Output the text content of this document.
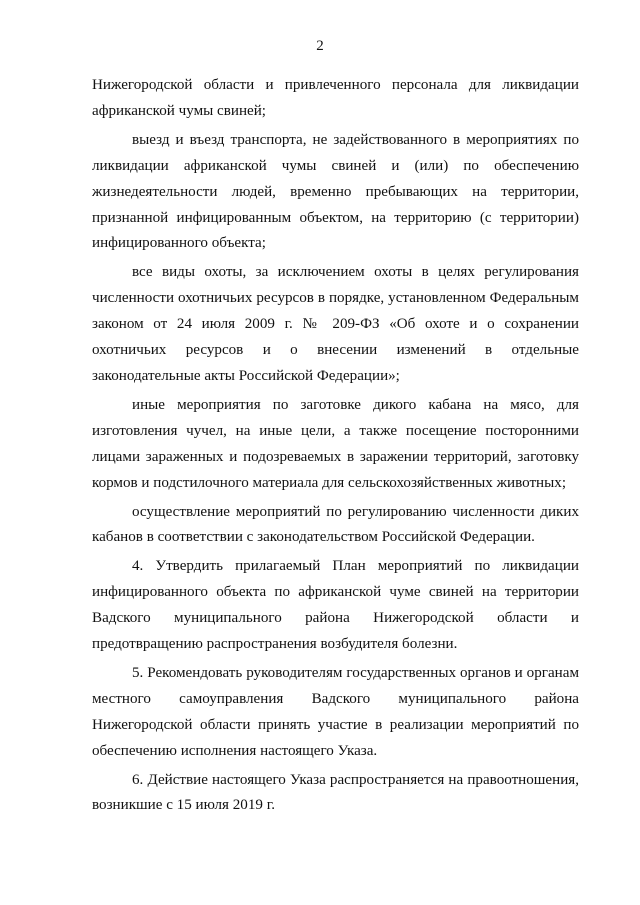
2

Нижегородской области и привлеченного персонала для ликвидации африканской чумы свиней;

выезд и въезд транспорта, не задействованного в мероприятиях по ликвидации африканской чумы свиней и (или) по обеспечению жизнедеятельности людей, временно пребывающих на территории, признанной инфицированным объектом, на территорию (с территории) инфицированного объекта;

все виды охоты, за исключением охоты в целях регулирования численности охотничьих ресурсов в порядке, установленном Федеральным законом от 24 июля 2009 г. № 209-ФЗ «Об охоте и о сохранении охотничьих ресурсов и о внесении изменений в отдельные законодательные акты Российской Федерации»;

иные мероприятия по заготовке дикого кабана на мясо, для изготовления чучел, на иные цели, а также посещение посторонними лицами зараженных и подозреваемых в заражении территорий, заготовку кормов и подстилочного материала для сельскохозяйственных животных;

осуществление мероприятий по регулированию численности диких кабанов в соответствии с законодательством Российской Федерации.

4. Утвердить прилагаемый План мероприятий по ликвидации инфицированного объекта по африканской чуме свиней на территории Вадского муниципального района Нижегородской области и предотвращению распространения возбудителя болезни.

5. Рекомендовать руководителям государственных органов и органам местного самоуправления Вадского муниципального района Нижегородской области принять участие в реализации мероприятий по обеспечению исполнения настоящего Указа.

6. Действие настоящего Указа распространяется на правоотношения, возникшие с 15 июля 2019 г.
